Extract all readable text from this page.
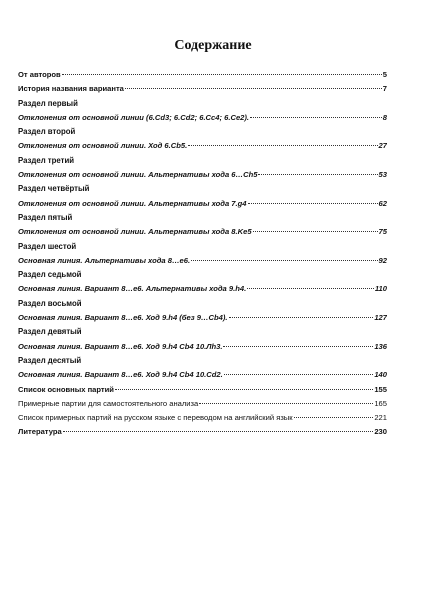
Содержание
От авторов	5
История названия варианта	7
Раздел первый
Отклонения от основной линии (6.Cd3; 6.Cd2; 6.Cc4; 6.Ce2).	8
Раздел второй
Отклонения от основной линии. Ход 6.Cb5.	27
Раздел третий
Отклонения от основной линии. Альтернативы хода 6…Ch5	53
Раздел четвёртый
Отклонения от основной линии. Альтернативы хода 7.g4	62
Раздел пятый
Отклонения от основной линии. Альтернативы хода 8.Ke5	75
Раздел шестой
Основная линия. Альтернативы хода 8…e6.	92
Раздел седьмой
Основная линия. Вариант 8…e6. Альтернативы хода 9.h4.	110
Раздел восьмой
Основная линия. Вариант 8…e6. Ход 9.h4 (без 9…Cb4).	127
Раздел девятый
Основная линия. Вариант 8…e6. Ход 9.h4 Cb4 10.Лh3.	136
Раздел десятый
Основная линия. Вариант 8…e6. Ход 9.h4 Cb4 10.Cd2.	140
Список основных партий	155
Примерные партии для самостоятельного анализа	165
Список примерных партий на русском языке с переводом на английский язык	221
Литература	230
